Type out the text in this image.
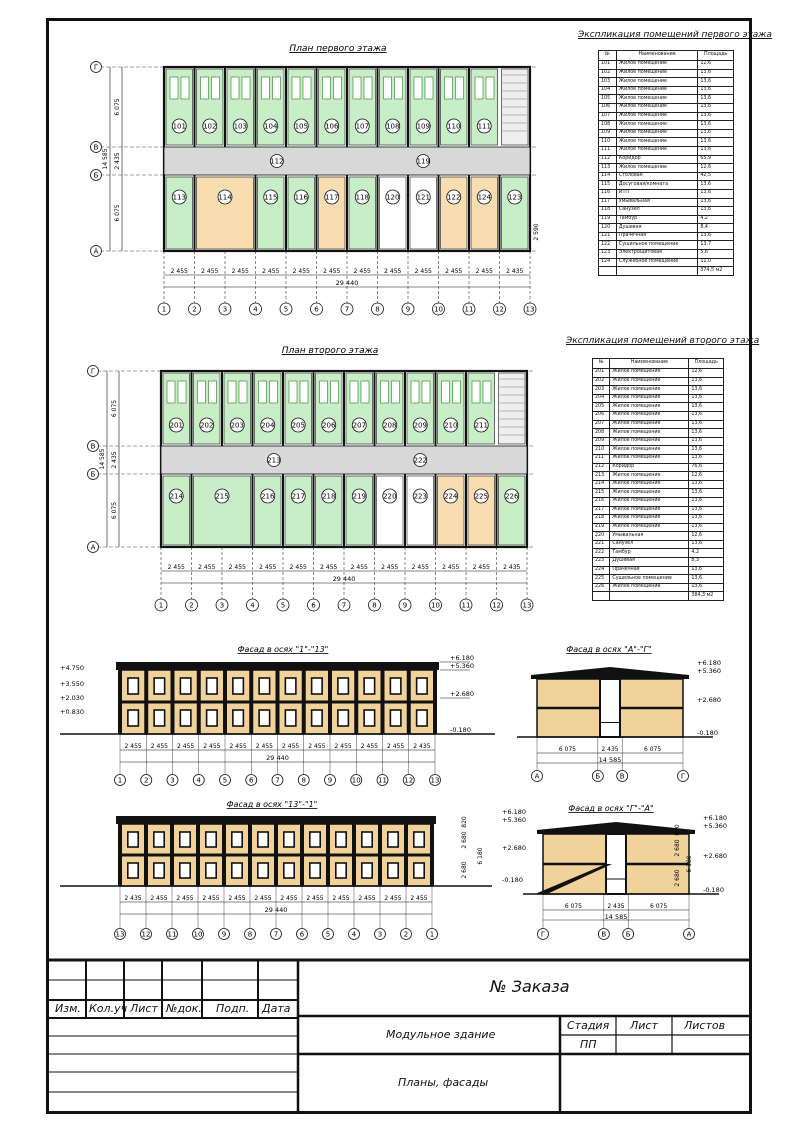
Экспликация помещений первого этажа
№	Наименование	Площадь
101	Жилое помещение	12,6
102	Жилое помещение	13,6
103	Жилое помещение	13,6
104	Жилое помещение	13,6
105	Жилое помещение	13,6
106	Жилое помещение	13,6
107	Жилое помещение	13,6
108	Жилое помещение	13,6
109	Жилое помещение	13,6
110	Жилое помещение	13,6
111	Жилое помещение	13,6
112	Коридор	65,9
113	Жилое помещение	12,6
114	Столовая	42,5
115	Досуговая/комната	13,6
116	ИТП	13,6
117	Умывальная	13,6
118	Санузел	13,6
119	Тамбур	4,2
120	Душевая	8,4
121	Прачечная	13,6
122	Сушильное помещение	13,7
123	Электрощитовая	5,6
124	Служебное помещение	11,0
		374,5 м2
Экспликация помещений второго этажа
№	Наименование	Площадь
201	Жилое помещение	12,6
202	Жилое помещение	13,6
203	Жилое помещение	13,6
204	Жилое помещение	13,6
205	Жилое помещение	13,6
206	Жилое помещение	13,6
207	Жилое помещение	13,6
208	Жилое помещение	13,6
209	Жилое помещение	13,6
210	Жилое помещение	13,6
211	Жилое помещение	13,6
212	Коридор	76,6
213	Жилое помещение	12,6
214	Жилое помещение	13,6
215	Жилое помещение	13,6
216	Жилое помещение	13,6
217	Жилое помещение	13,6
218	Жилое помещение	13,6
219	Жилое помещение	13,6
220	Умывальная	12,6
221	Санузел	13,6
222	Тамбур	4,2
223	Душевая	8,3
224	Прачечная	13,6
225	Сушильное помещение	13,6
226	Жилое помещение	13,6
		384,3 м2
План первого этажа
План второго этажа
Фасад в осях "1"-"13"	Фасад в осях "А"-"Г"
Фасад в осях "13"-"1"	Фасад в осях "Г"-"А"
1	2	3	4	5	6	7	8	9	10	11	12	13
Г
В
Б
А
6 075
2 435
6 075
14 585
101 102 103 104 105 106 107 108 109 110 111
113	114	115 116 117 118 120 121 122 124 123
112	119
2 455 2 455 2 455 2 455 2 455 2 455 2 455 2 455 2 455 2 455 2 455 2 435
29 440
2 590
1	2	3	4	5	6	7	8	9	10	11	12	13
Г
В
Б
А
6 075
2 435
6 075
14 585
201 202 203 204 205 206 207 208 209 210 211
214	215	216 217 218 219 220 223 224 225 226
213	222
2 455 2 455 2 455 2 455 2 455 2 455 2 455 2 455 2 455 2 455 2 455 2 435
29 440
2 455 2 455 2 455 2 455 2 455 2 455 2 455 2 455 2 455 2 455 2 455 2 435
29 440
1	2	3	4	5	6	7	8	9	10 11 12 13
+6.180
+5.360
+2.680
-0.180
+4.750
+3.550
+2.030
+0.830
6 075	2 435	6 075
14 585
А	Б	В	Г
+6.180
+5.360
+2.680
-0.180
2 435 2 455 2 455 2 455 2 455 2 455 2 455 2 455 2 455 2 455 2 455 2 455
29 440
13 12 11 10	9	8	7	6	5	4	3	2	1
+6.180
+5.360
+2.680
-0.180
820
2 680
2 680
6 180
6 075	2 435	6 075
14 585
Г	В	Б	А
+6.180
+5.360
+2.680
-0.180
820
2 680
2 680
6 180
Изм. Кол.уч Лист №док. Подп. Дата
№ Заказа
Модульное здание
Планы, фасады
Стадия Лист Листов
ПП
